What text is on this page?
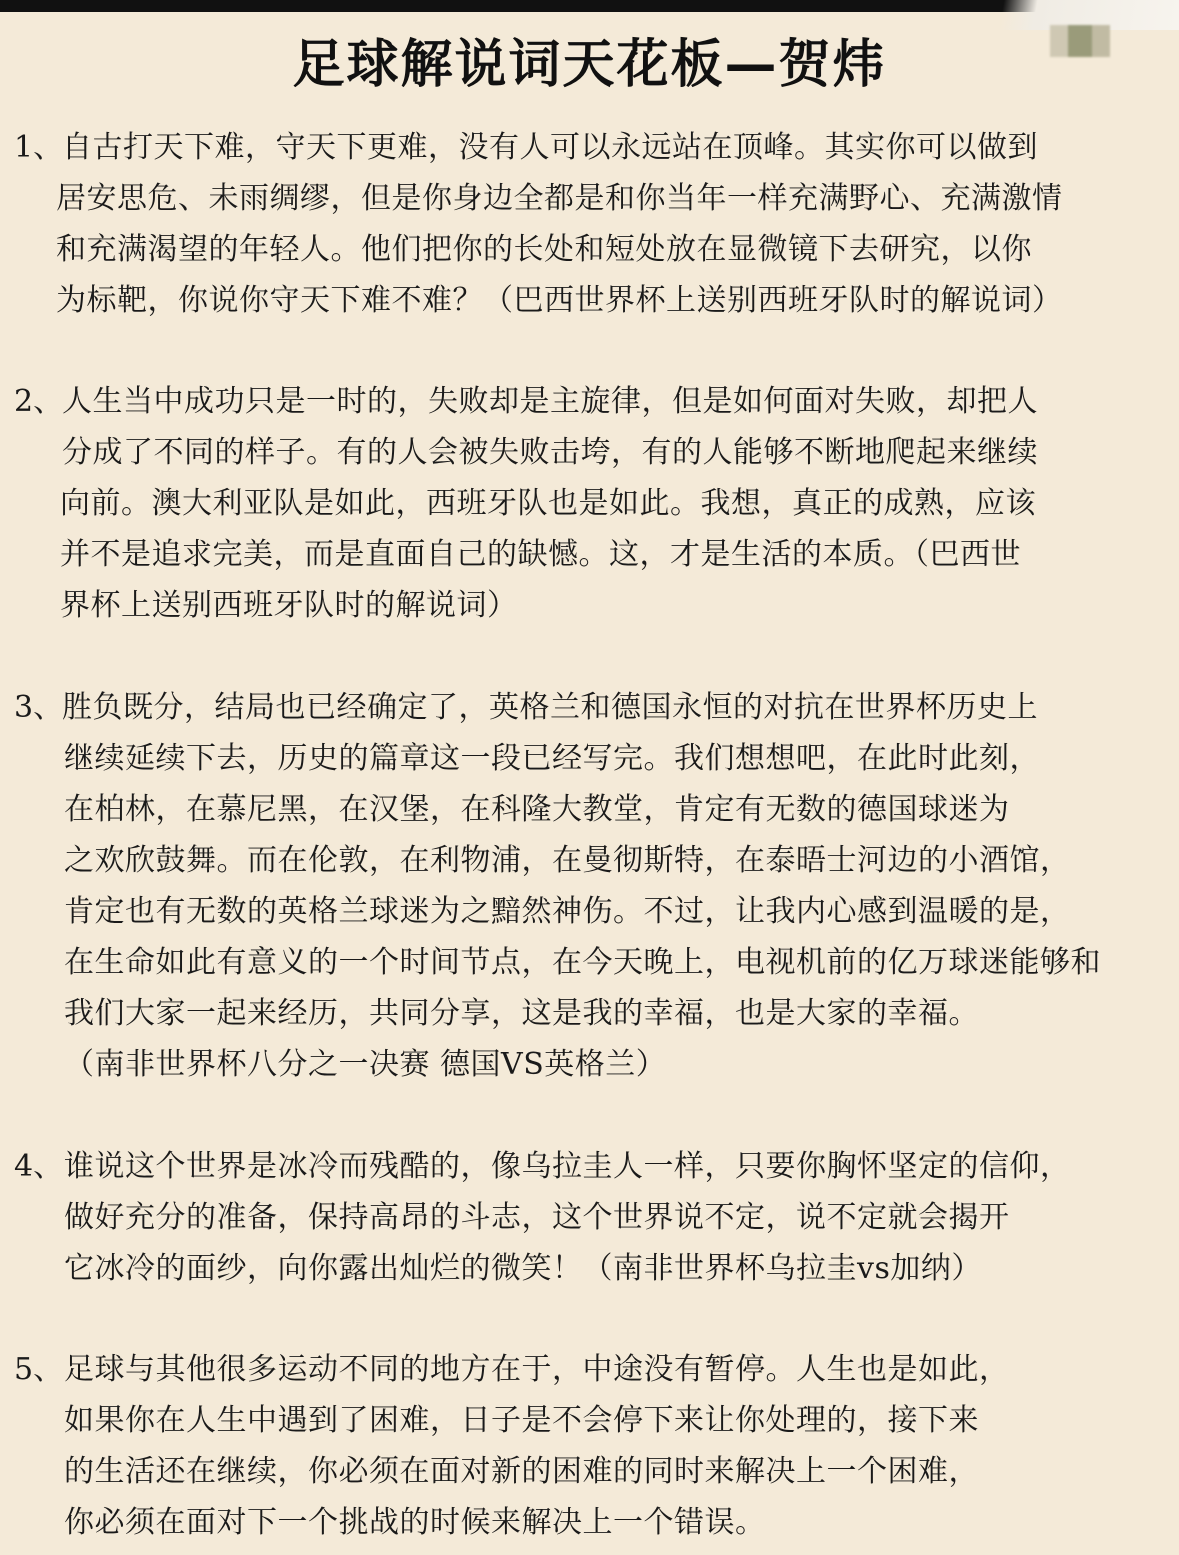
足球解说词天花板—贺炜
1、
自古打天下难，守天下更难，没有人可以永远站在顶峰。其实你可以做到
居安思危、未雨绸缪，但是你身边全都是和你当年一样充满野心、充满激情
和充满渴望的年轻人。他们把你的长处和短处放在显微镜下去研究，以你
为标靶，你说你守天下难不难？（巴西世界杯上送别西班牙队时的解说词）
2、
人生当中成功只是一时的，失败却是主旋律，但是如何面对失败，却把人
分成了不同的样子。有的人会被失败击垮，有的人能够不断地爬起来继续
向前。澳大利亚队是如此，西班牙队也是如此。我想，真正的成熟，应该
并不是追求完美，而是直面自己的缺憾。这，才是生活的本质。（巴西世
界杯上送别西班牙队时的解说词）
3、
胜负既分，结局也已经确定了，英格兰和德国永恒的对抗在世界杯历史上
继续延续下去，历史的篇章这一段已经写完。我们想想吧，在此时此刻，
在柏林，在慕尼黑，在汉堡，在科隆大教堂，肯定有无数的德国球迷为
之欢欣鼓舞。而在伦敦，在利物浦，在曼彻斯特，在泰晤士河边的小酒馆，
肯定也有无数的英格兰球迷为之黯然神伤。不过，让我内心感到温暖的是，
在生命如此有意义的一个时间节点，在今天晚上，电视机前的亿万球迷能够和
我们大家一起来经历，共同分享，这是我的幸福，也是大家的幸福。
（南非世界杯八分之一决赛 德国VS英格兰）
4、 谁说这个世界是冰冷而残酷的，像乌拉圭人一样，只要你胸怀坚定的信仰，
做好充分的准备，保持高昂的斗志，这个世界说不定，说不定就会揭开
它冰冷的面纱，向你露出灿烂的微笑！（南非世界杯乌拉圭vs加纳）
5、 足球与其他很多运动不同的地方在于，中途没有暂停。人生也是如此，
如果你在人生中遇到了困难，日子是不会停下来让你处理的，接下来
的生活还在继续，你必须在面对新的困难的同时来解决上一个困难，
你必须在面对下一个挑战的时候来解决上一个错误。
